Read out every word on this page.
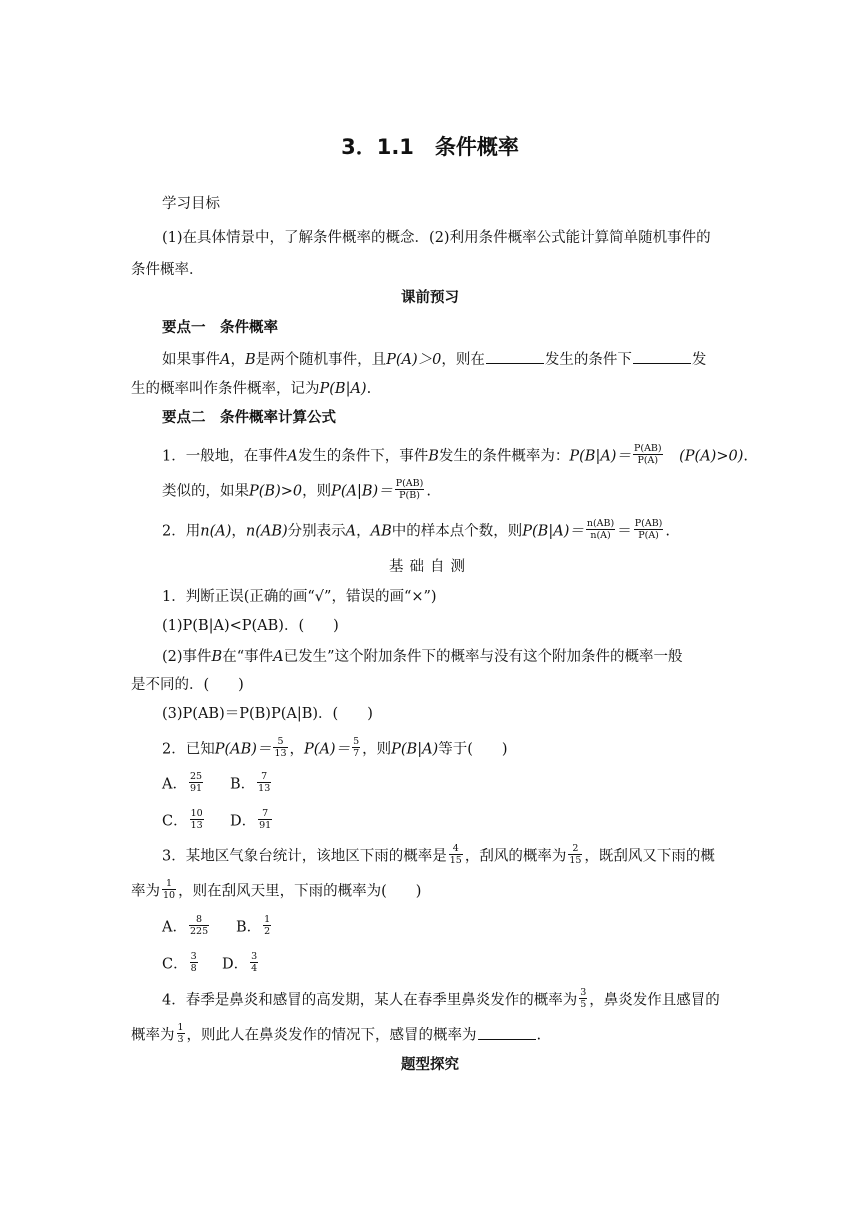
3．1.1　条件概率
学习目标
(1)在具体情景中，了解条件概率的概念．(2)利用条件概率公式能计算简单随机事件的
条件概率．
课前预习
要点一　条件概率
如果事件A，B是两个随机事件，且P(A)＞0，则在	发生的条件下	发
生的概率叫作条件概率，记为P(B|A).
要点二　条件概率计算公式
1．一般地，在事件A发生的条件下，事件B发生的条件概率为：$P(B|A)= \frac{P(AB)}{P(A)}$
  (P(A)>0).
类似的，如果P(B)>0，则$P(A|B)= \frac{P(AB)}{P(B)}$ .
2．用n(A)，n(AB)分别表示A，AB中的样本点个数，则$P(B|A)= \frac{n(AB)}{n(A)} = \frac{P(AB)}{P(A)}$ .
基础自测
1．判断正误(正确的画“√”，错误的画“×”)
(1)P(B|A)<P(AB)．(　　)
(2)事件B在“事件A已发生”这个附加条件下的概率与没有这个附加条件的概率一般
是不同的．(　　)
(3)P(AB)＝P(B)P(A|B)．(　　)
2．已知$P(AB)= \frac{5}{13}$ ，$P(A)= \frac{5}{7}$ ，则P(B|A)等于(　　)
A． $\frac{25}{91}$ B． $\frac{7}{13}$
C． $\frac{10}{13}$ D． $\frac{7}{91}$
3．某地区气象台统计，该地区下雨的概率是 $\frac{4}{15}$ ，刮风的概率为 $\frac{2}{15}$ ，既刮风又下雨的概
率为 $\frac{1}{10}$ ，则在刮风天里，下雨的概率为(　　)
A． $\frac{8}{225}$ B． $\frac{1}{2}$
C． $\frac{3}{8}$ D． $\frac{3}{4}$
4．春季是鼻炎和感冒的高发期，某人在春季里鼻炎发作的概率为 $\frac{3}{5}$ ，鼻炎发作且感冒的
概率为 $\frac{1}{3}$ ，则此人在鼻炎发作的情况下，感冒的概率为	.
题型探究
